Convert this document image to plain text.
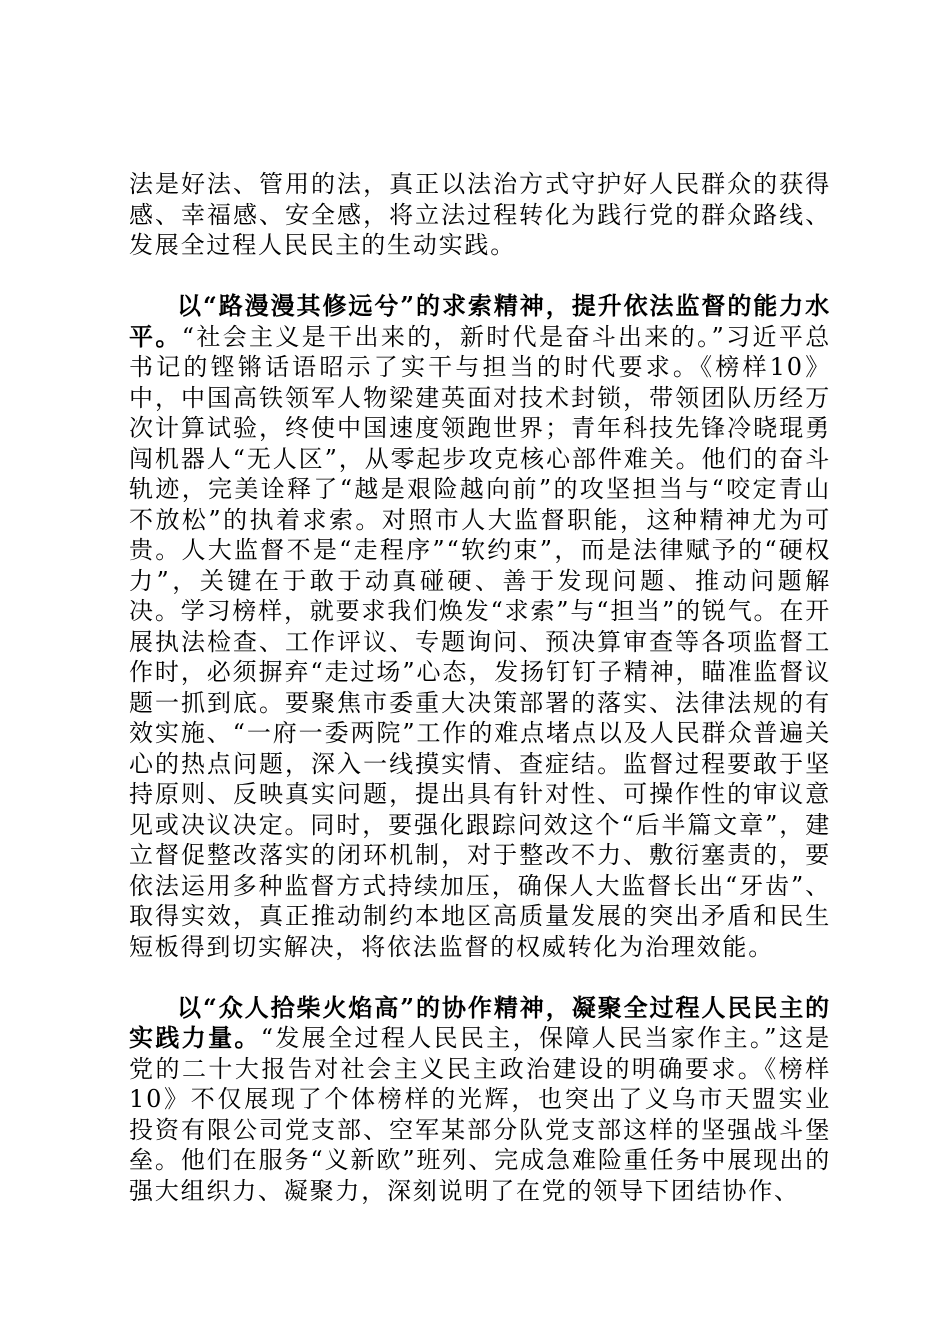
法是好法、管用的法，真正以法治方式守护好人民群众的获得感、幸福感、安全感，将立法过程转化为践行党的群众路线、发展全过程人民民主的生动实践。

以“路漫漫其修远兮”的求索精神，提升依法监督的能力水平。“社会主义是干出来的，新时代是奋斗出来的。”习近平总书记的铿锵话语昭示了实干与担当的时代要求。《榜样10》中，中国高铁领军人物梁建英面对技术封锁，带领团队历经万次计算试验，终使中国速度领跑世界；青年科技先锋冷晓琨勇闯机器人“无人区”，从零起步攻克核心部件难关。他们的奋斗轨迹，完美诠释了“越是艰险越向前”的攻坚担当与“咬定青山不放松”的执着求索。对照市人大监督职能，这种精神尤为可贵。人大监督不是“走程序”“软约束”，而是法律赋予的“硬权力”，关键在于敢于动真碰硬、善于发现问题、推动问题解决。学习榜样，就要求我们焕发“求索”与“担当”的锐气。在开展执法检查、工作评议、专题询问、预决算审查等各项监督工作时，必须摒弃“走过场”心态，发扬钉钉子精神，瞄准监督议题一抓到底。要聚焦市委重大决策部署的落实、法律法规的有效实施、“一府一委两院”工作的难点堵点以及人民群众普遍关心的热点问题，深入一线摸实情、查症结。监督过程要敢于坚持原则、反映真实问题，提出具有针对性、可操作性的审议意见或决议决定。同时，要强化跟踪问效这个“后半篇文章”，建立督促整改落实的闭环机制，对于整改不力、敷衍塞责的，要依法运用多种监督方式持续加压，确保人大监督长出“牙齿”、取得实效，真正推动制约本地区高质量发展的突出矛盾和民生短板得到切实解决，将依法监督的权威转化为治理效能。

以“众人拾柴火焰高”的协作精神，凝聚全过程人民民主的实践力量。“发展全过程人民民主，保障人民当家作主。”这是党的二十大报告对社会主义民主政治建设的明确要求。《榜样10》不仅展现了个体榜样的光辉，也突出了义乌市天盟实业投资有限公司党支部、空军某部分队党支部这样的坚强战斗堡垒。他们在服务“义新欧”班列、完成急难险重任务中展现出的强大组织力、凝聚力，深刻说明了在党的领导下团结协作、
